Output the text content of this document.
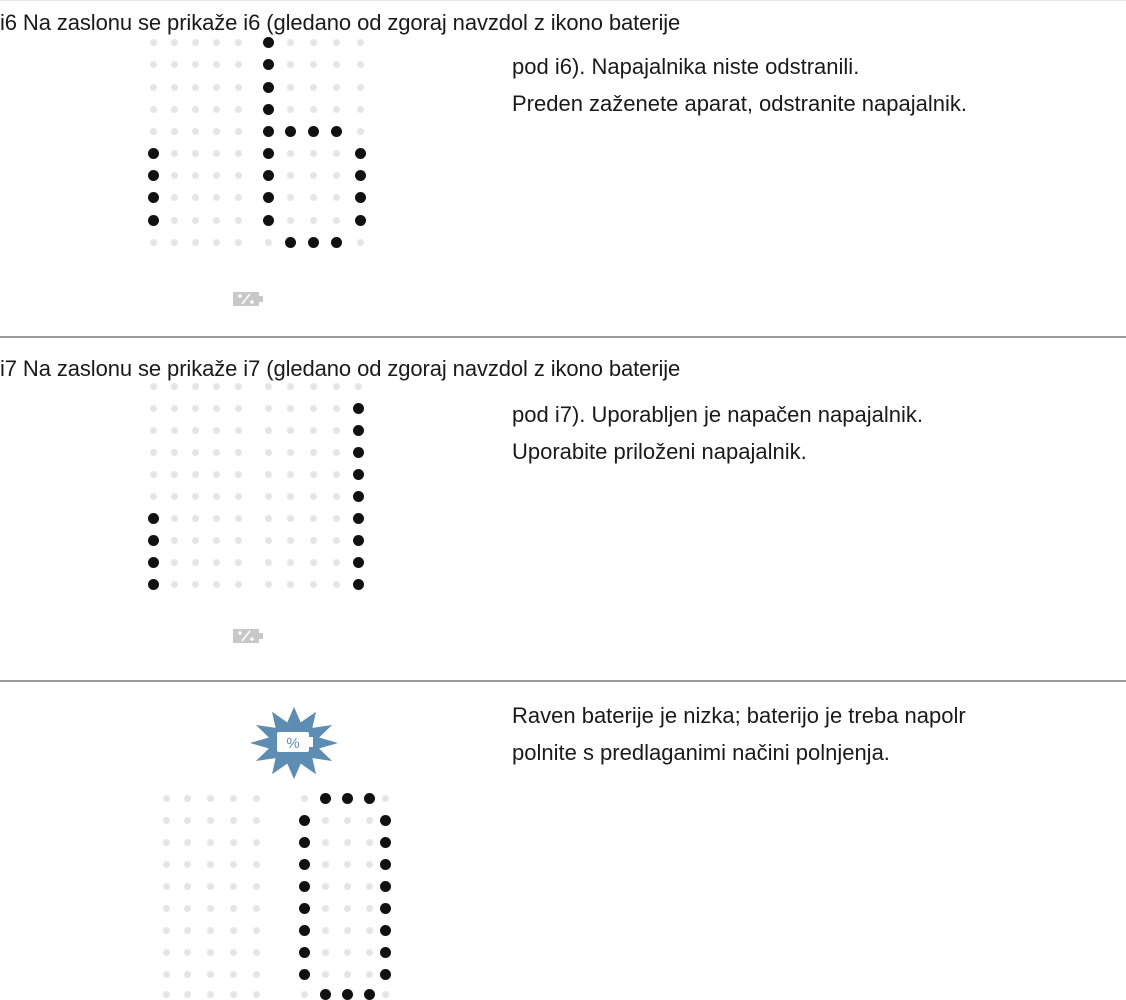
i6 Na zaslonu se prikaže i6 (gledano od zgoraj navzdol z ikono baterije
pod i6). Napajalnika niste odstranili.
Preden zaženete aparat, odstranite napajalnik.
i7 Na zaslonu se prikaže i7 (gledano od zgoraj navzdol z ikono baterije
pod i7). Uporabljen je napačen napajalnik.
Uporabite priloženi napajalnik.
%
Raven baterije je nizka; baterijo je treba napolr
polnite s predlaganimi načini polnjenja.
